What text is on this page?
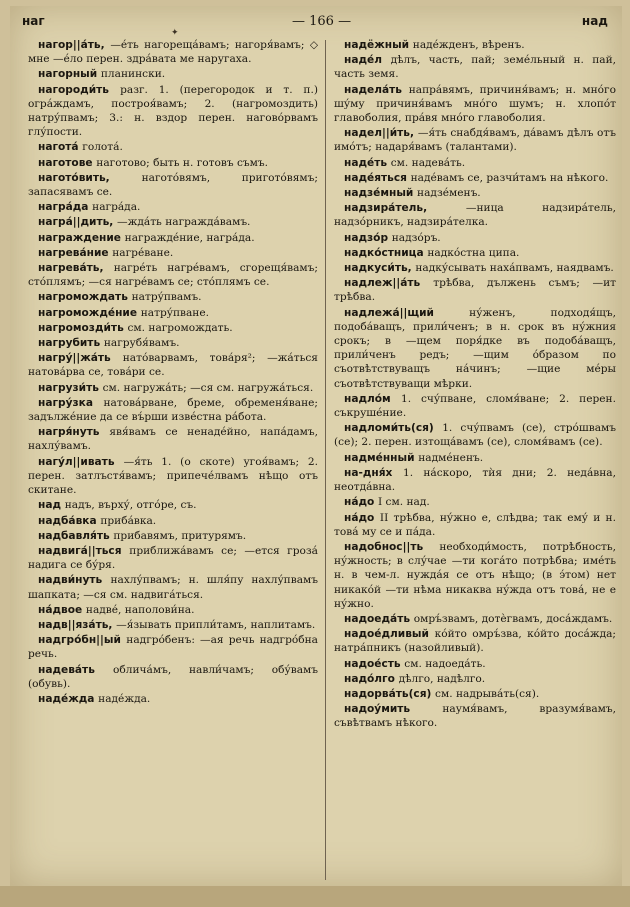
✦
наг	— 166 —	над
нагор||а́ть, —е́ть нагореща́вамъ; нагоря́вамъ; ◇ мне —е́ло перен. здра́вата ме наругаха.
нагорный планински.
нагороди́ть разг. 1. (перегородок и т. п.) огра́ждамъ, построя́вамъ; 2. (нагромоздить) натру́пвамъ; 3.: н. вздор перен. нагово́рвамъ глу́пости.
нагота́ голота́.
наготове наготово; быть н. готовъ съмъ.
нагото́вить, нагото́вямъ, пригото́вямъ; запасявамъ се.
награ́да награ́да.
награ́||дить, —жда́ть награжда́вамъ.
награждение награжде́ние, награ́да.
нагрева́ние нагре́ване.
нагрева́ть, нагре́ть нагре́вамъ, сгорещя́вамъ; сто́плямъ; —ся нагре́вамъ се; сто́плямъ се.
нагромождать натру́пвамъ.
нагроможде́ние натру́пване.
нагромозди́ть см. нагромождать.
нагрубить нагрубя́вамъ.
нагру́||жа́ть нато́варвамъ, това́ря²; —жа́ться натова́рва се, това́ри се.
нагрузи́ть см. нагружа́ть; —ся см. нагружа́ться.
нагру́зка натова́рване, бреме, обременя́ване; задълже́ние да се въ́рши изве́стна ра́бота.
нагря́нуть явя́вамъ се ненаде́йно, напа́дамъ, нахлу́вамъ.
нагу́л||ивать —я́ть 1. (о скоте) угоя́вамъ; 2. перен. затлъстя́вамъ; припече́лвамъ нѣщо отъ скитане.
над надъ, върху́, отго́ре, съ.
надба́вка приба́вка.
надбавля́ть прибавямъ, притурямъ.
надвига́||ться приближа́вамъ се; —ется гроза́ надига се бу́ря.
надви́нуть нахлу́пвамъ; н. шля́пу нахлу́пвамъ шапката; —ся см. надвига́ться.
на́двое надве́, наполови́на.
надв||яза́ть, —я́зывать припли́тамъ, наплитамъ.
надгро́бн||ый надгро́бенъ: —ая речь надгро́бна речь.
надева́ть облича́мъ, навли́чамъ; обу́вамъ (обувь).
наде́жда наде́жда.
надёжный наде́жденъ, вѣренъ.
наде́л дѣлъ, часть, пай; земе́льный н. пай, часть земя.
надела́ть напра́вямъ, причиня́вамъ; н. мно́го шу́му причиня́вамъ мно́го шумъ; н. хлопо́т главоболия, пра́вя мно́го главоболия.
надел||и́ть, —я́ть снабдя́вамъ, да́вамъ дѣлъ отъ имо́тъ; надаря́вамъ (талантами).
наде́ть см. надева́ть.
наде́яться наде́вамъ се, разчи́тамъ на нѣкого.
надзе́мный надзе́менъ.
надзира́тель, —ница надзира́тель, надзо́рникъ, надзира́телка.
надзо́р надзо́ръ.
надко́стница надко́стна ципа.
надкуси́ть, надку́сывать наха́пвамъ, наядвамъ.
надлеж||а́ть трѣбва, дължень съмъ; —ит трѣбва.
надлежа́||щий ну́женъ, подходя́щъ, подоба́ващъ, прили́ченъ; в н. срок въ ну́жния срокъ; в —щем поря́дке въ подоба́ващъ, прили́ченъ редъ; —щим о́бразом по съотвѣтствуващъ на́чинъ; —щие ме́ры съотвѣтствуващи мѣрки.
надло́м 1. счу́пване, сломя́ване; 2. перен. съкруше́ние.
надломи́ть(ся) 1. счу́пвамъ (се), стро́швамъ (се); 2. перен. изтоща́вамъ (се), сломя́вамъ (се).
надме́нный надме́ненъ.
на-дня́х 1. на́скоро, тѝя дни; 2. неда́вна, неотда́вна.
на́до I см. над.
на́до II трѣбва, ну́жно е, слѣдва; так ему́ и н. това́ му се и па́да.
надобнос||ть необходи́мость, потрѣбность, ну́жность; в слу́чае —ти кога́то потрѣбва; име́ть н. в чем-л. нужда́я се отъ нѣщо; (в э́том) нет никако́й —ти нѣма никаква ну́жда отъ това́, не е ну́жно.
надоеда́ть омръ́звамъ, дотѐгвамъ, доса́ждамъ.
надое́дливый ко́йто омръ́зва, ко́йто доса́жда; натра́пникъ (назойливый).
надое́сть см. надоеда́ть.
надо́лго дѣлго, надѣлго.
надорва́ть(ся) см. надрыва́ть(ся).
надоу́мить наумя́вамъ, вразумя́вамъ, съвѣтвамъ нѣкого.
